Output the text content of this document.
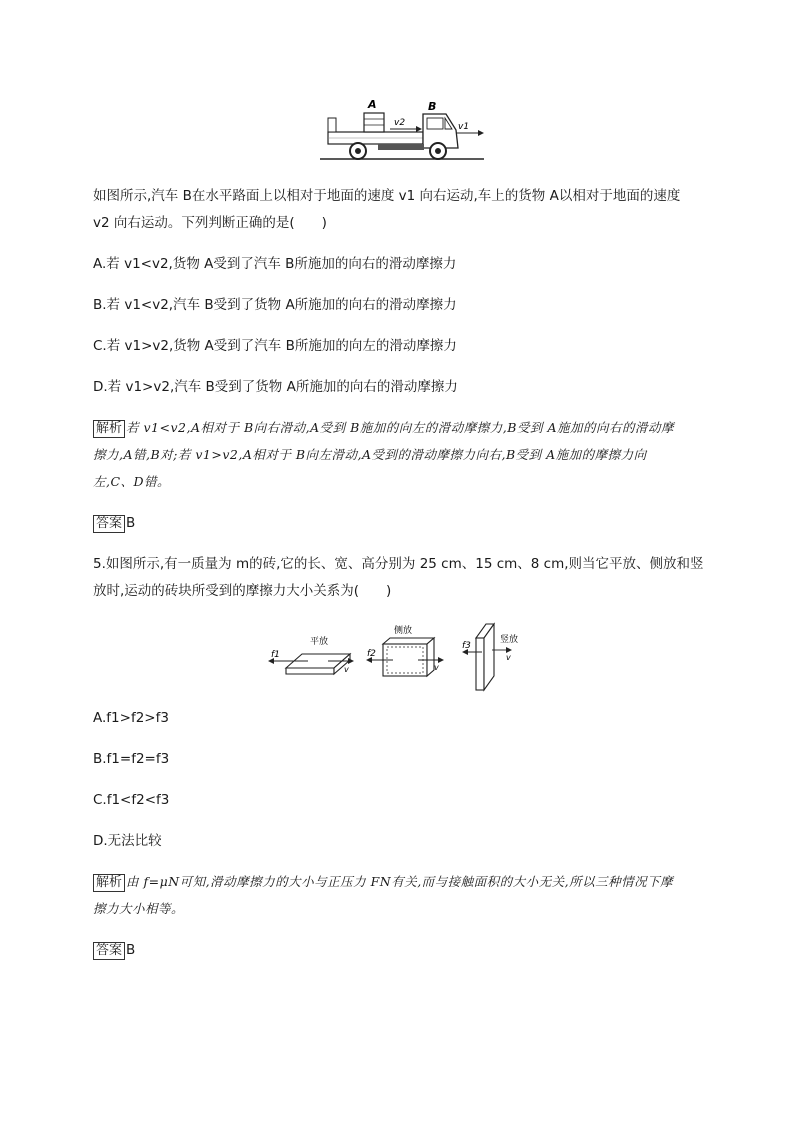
A	B
v2	v1
如图所示,汽车 B在水平路面上以相对于地面的速度 v1 向右运动,车上的货物 A以相对于地面的速度
v2 向右运动。下列判断正确的是(　　)
A.若 v1<v2,货物 A受到了汽车 B所施加的向右的滑动摩擦力
B.若 v1<v2,汽车 B受到了货物 A所施加的向右的滑动摩擦力
C.若 v1>v2,货物 A受到了汽车 B所施加的向左的滑动摩擦力
D.若 v1>v2,汽车 B受到了货物 A所施加的向右的滑动摩擦力
解析 若 v1<v2,A相对于 B向右滑动,A受到 B施加的向左的滑动摩擦力,B受到 A施加的向右的滑动摩
擦力,A错,B对;若 v1>v2,A相对于 B向左滑动,A受到的滑动摩擦力向右,B受到 A施加的摩擦力向
左,C、D错。
答案 B
5.如图所示,有一质量为 m的砖,它的长、宽、高分别为 25 cm、15 cm、8 cm,则当它平放、侧放和竖
放时,运动的砖块所受到的摩擦力大小关系为(　　)
平放
f1
v
侧放
f2
v
竖放
f3
v
A.f1>f2>f3
B.f1=f2=f3
C.f1<f2<f3
D.无法比较
解析 由 f=μN可知,滑动摩擦力的大小与正压力 FN有关,而与接触面积的大小无关,所以三种情况下摩
擦力大小相等。
答案 B
